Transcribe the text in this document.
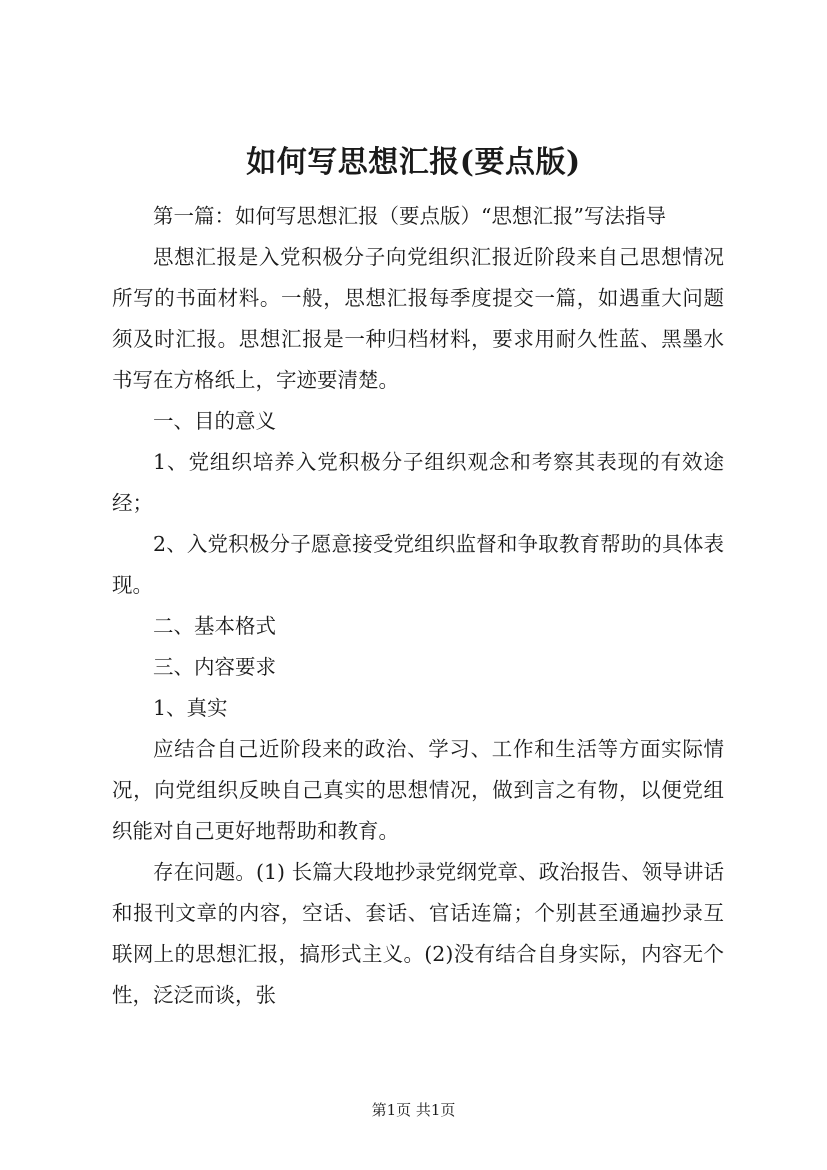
如何写思想汇报(要点版)

第一篇：如何写思想汇报（要点版）“思想汇报”写法指导

思想汇报是入党积极分子向党组织汇报近阶段来自己思想情况所写的书面材料。一般，思想汇报每季度提交一篇，如遇重大问题须及时汇报。思想汇报是一种归档材料，要求用耐久性蓝、黑墨水书写在方格纸上，字迹要清楚。

一、目的意义

1、党组织培养入党积极分子组织观念和考察其表现的有效途经；

2、入党积极分子愿意接受党组织监督和争取教育帮助的具体表现。

二、基本格式

三、内容要求

1、真实

应结合自己近阶段来的政治、学习、工作和生活等方面实际情况，向党组织反映自己真实的思想情况，做到言之有物，以便党组织能对自己更好地帮助和教育。

存在问题。(1) 长篇大段地抄录党纲党章、政治报告、领导讲话和报刊文章的内容，空话、套话、官话连篇；个别甚至通遍抄录互联网上的思想汇报，搞形式主义。(2)没有结合自身实际，内容无个性，泛泛而谈，张

第1页 共1页
